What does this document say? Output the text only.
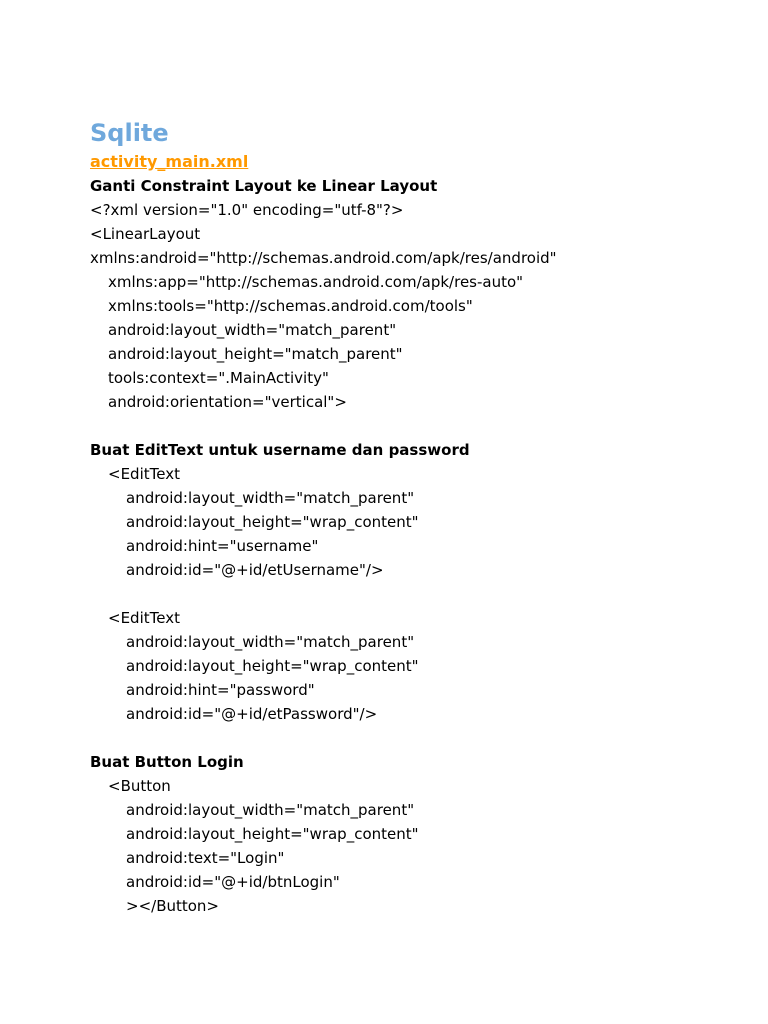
Sqlite
activity_main.xml
Ganti Constraint Layout ke Linear Layout
<?xml version="1.0" encoding="utf-8"?>
<LinearLayout
xmlns:android="http://schemas.android.com/apk/res/android"
xmlns:app="http://schemas.android.com/apk/res-auto"
xmlns:tools="http://schemas.android.com/tools"
android:layout_width="match_parent"
android:layout_height="match_parent"
tools:context=".MainActivity"
android:orientation="vertical">
Buat EditText untuk username dan password
<EditText
android:layout_width="match_parent"
android:layout_height="wrap_content"
android:hint="username"
android:id="@+id/etUsername"/>
<EditText
android:layout_width="match_parent"
android:layout_height="wrap_content"
android:hint="password"
android:id="@+id/etPassword"/>
Buat Button Login
<Button
android:layout_width="match_parent"
android:layout_height="wrap_content"
android:text="Login"
android:id="@+id/btnLogin"
></Button>
